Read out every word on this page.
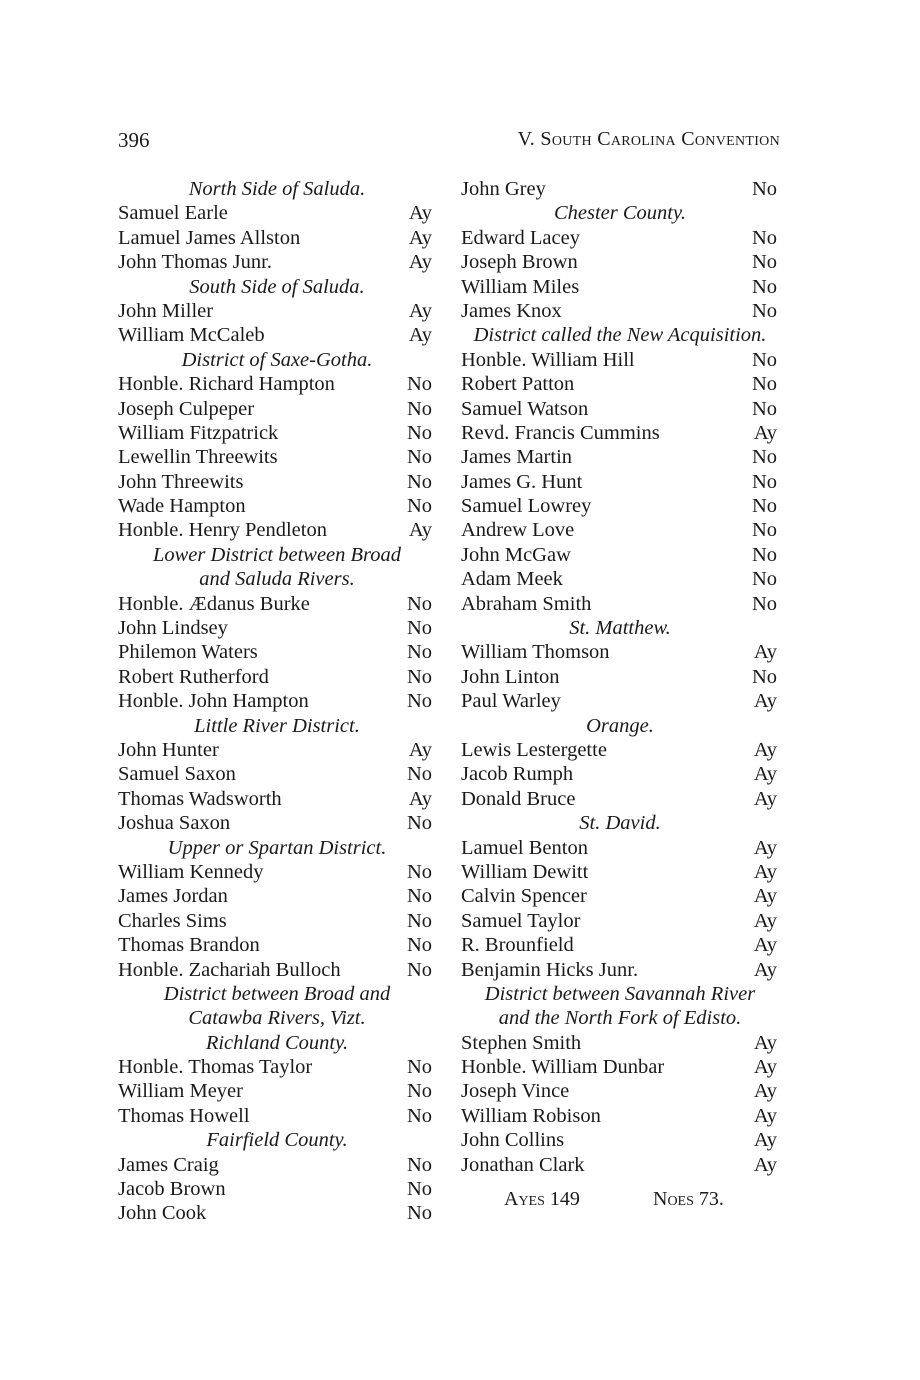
396	V. South Carolina Convention
North Side of Saluda.
Samuel Earle	Ay
Lamuel James Allston	Ay
John Thomas Junr.	Ay
South Side of Saluda.
John Miller	Ay
William McCaleb	Ay
District of Saxe-Gotha.
Honble. Richard Hampton	No
Joseph Culpeper	No
William Fitzpatrick	No
Lewellin Threewits	No
John Threewits	No
Wade Hampton	No
Honble. Henry Pendleton	Ay
Lower District between Broad
and Saluda Rivers.
Honble. Ædanus Burke	No
John Lindsey	No
Philemon Waters	No
Robert Rutherford	No
Honble. John Hampton	No
Little River District.
John Hunter	Ay
Samuel Saxon	No
Thomas Wadsworth	Ay
Joshua Saxon	No
Upper or Spartan District.
William Kennedy	No
James Jordan	No
Charles Sims	No
Thomas Brandon	No
Honble. Zachariah Bulloch	No
District between Broad and
Catawba Rivers, Vizt.
Richland County.
Honble. Thomas Taylor	No
William Meyer	No
Thomas Howell	No
Fairfield County.
James Craig	No
Jacob Brown	No
John Cook	No
John Grey	No
Chester County.
Edward Lacey	No
Joseph Brown	No
William Miles	No
James Knox	No
District called the New Acquisition.
Honble. William Hill	No
Robert Patton	No
Samuel Watson	No
Revd. Francis Cummins	Ay
James Martin	No
James G. Hunt	No
Samuel Lowrey	No
Andrew Love	No
John McGaw	No
Adam Meek	No
Abraham Smith	No
St. Matthew.
William Thomson	Ay
John Linton	No
Paul Warley	Ay
Orange.
Lewis Lestergette	Ay
Jacob Rumph	Ay
Donald Bruce	Ay
St. David.
Lamuel Benton	Ay
William Dewitt	Ay
Calvin Spencer	Ay
Samuel Taylor	Ay
R. Brounfield	Ay
Benjamin Hicks Junr.	Ay
District between Savannah River
and the North Fork of Edisto.
Stephen Smith	Ay
Honble. William Dunbar	Ay
Joseph Vince	Ay
William Robison	Ay
John Collins	Ay
Jonathan Clark	Ay
Ayes 149	Noes 73.
